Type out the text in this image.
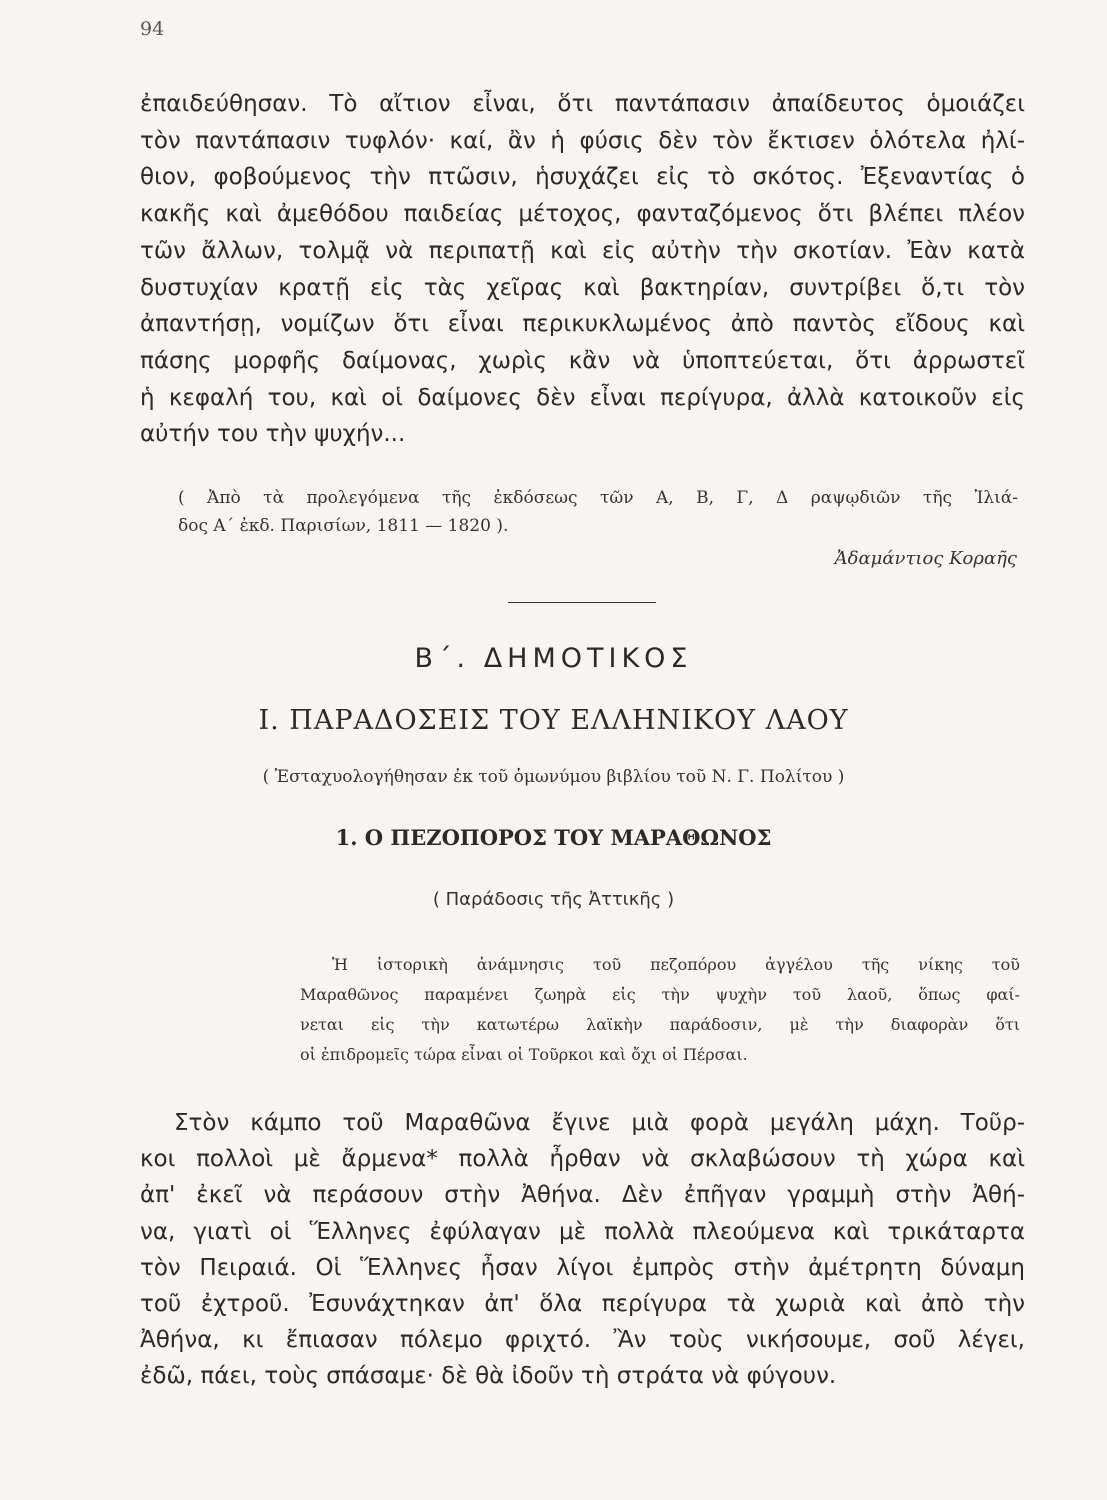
94
ἐπαιδεύθησαν. Τὸ αἴτιον εἶναι, ὅτι παντάπασιν ἀπαίδευτος ὁμοιάζει
τὸν παντάπασιν τυφλόν· καί, ἂν ἡ φύσις δὲν τὸν ἔκτισεν ὁλότελα ἠλί-
θιον, φοβούμενος τὴν πτῶσιν, ἡσυχάζει εἰς τὸ σκότος. Ἐξεναντίας ὁ
κακῆς καὶ ἀμεθόδου παιδείας μέτοχος, φανταζόμενος ὅτι βλέπει πλέον
τῶν ἄλλων, τολμᾷ νὰ περιπατῇ καὶ εἰς αὐτὴν τὴν σκοτίαν. Ἐὰν κατὰ
δυστυχίαν κρατῇ εἰς τὰς χεῖρας καὶ βακτηρίαν, συντρίβει ὅ,τι τὸν
ἀπαντήσῃ, νομίζων ὅτι εἶναι περικυκλωμένος ἀπὸ παντὸς εἴδους καὶ
πάσης μορφῆς δαίμονας, χωρὶς κἂν νὰ ὑποπτεύεται, ὅτι ἀρρωστεῖ
ἡ κεφαλή του, καὶ οἱ δαίμονες δὲν εἶναι περίγυρα, ἀλλὰ κατοικοῦν εἰς
αὐτήν του τὴν ψυχήν...
( Ἀπὸ τὰ προλεγόμενα τῆς ἐκδόσεως τῶν Α, Β, Γ, Δ ραψῳδιῶν τῆς Ἰλιά-
δος Α΄ ἐκδ. Παρισίων, 1811 — 1820 ).
Ἀδαμάντιος Κοραῆς
Β΄. ΔΗΜΟΤΙΚΟΣ
Ι. ΠΑΡΑΔΟΣΕΙΣ ΤΟΥ ΕΛΛΗΝΙΚΟΥ ΛΑΟΥ
( Ἐσταχυολογήθησαν ἐκ τοῦ ὁμωνύμου βιβλίου τοῦ Ν. Γ. Πολίτου )
1. Ο ΠΕΖΟΠΟΡΟΣ ΤΟΥ ΜΑΡΑΘΩΝΟΣ
( Παράδοσις τῆς Ἀττικῆς )
Ἡ ἱστορικὴ ἀνάμνησις τοῦ πεζοπόρου ἀγγέλου τῆς νίκης τοῦ
Μαραθῶνος παραμένει ζωηρὰ εἰς τὴν ψυχὴν τοῦ λαοῦ, ὅπως φαί-
νεται εἰς τὴν κατωτέρω λαϊκὴν παράδοσιν, μὲ τὴν διαφορὰν ὅτι
οἱ ἐπιδρομεῖς τώρα εἶναι οἱ Τοῦρκοι καὶ ὄχι οἱ Πέρσαι.
Στὸν κάμπο τοῦ Μαραθῶνα ἔγινε μιὰ φορὰ μεγάλη μάχη. Τοῦρ-
κοι πολλοὶ μὲ ἄρμενα* πολλὰ ἦρθαν νὰ σκλαβώσουν τὴ χώρα καὶ
ἀπ' ἐκεῖ νὰ περάσουν στὴν Ἀθήνα. Δὲν ἐπῆγαν γραμμὴ στὴν Ἀθή-
να, γιατὶ οἱ Ἕλληνες ἐφύλαγαν μὲ πολλὰ πλεούμενα καὶ τρικάταρτα
τὸν Πειραιά. Οἱ Ἕλληνες ἦσαν λίγοι ἐμπρὸς στὴν ἀμέτρητη δύναμη
τοῦ ἐχτροῦ. Ἐσυνάχτηκαν ἀπ' ὅλα περίγυρα τὰ χωριὰ καὶ ἀπὸ τὴν
Ἀθήνα, κι ἔπιασαν πόλεμο φριχτό. Ἂν τοὺς νικήσουμε, σοῦ λέγει,
ἐδῶ, πάει, τοὺς σπάσαμε· δὲ θὰ ἰδοῦν τὴ στράτα νὰ φύγουν.
